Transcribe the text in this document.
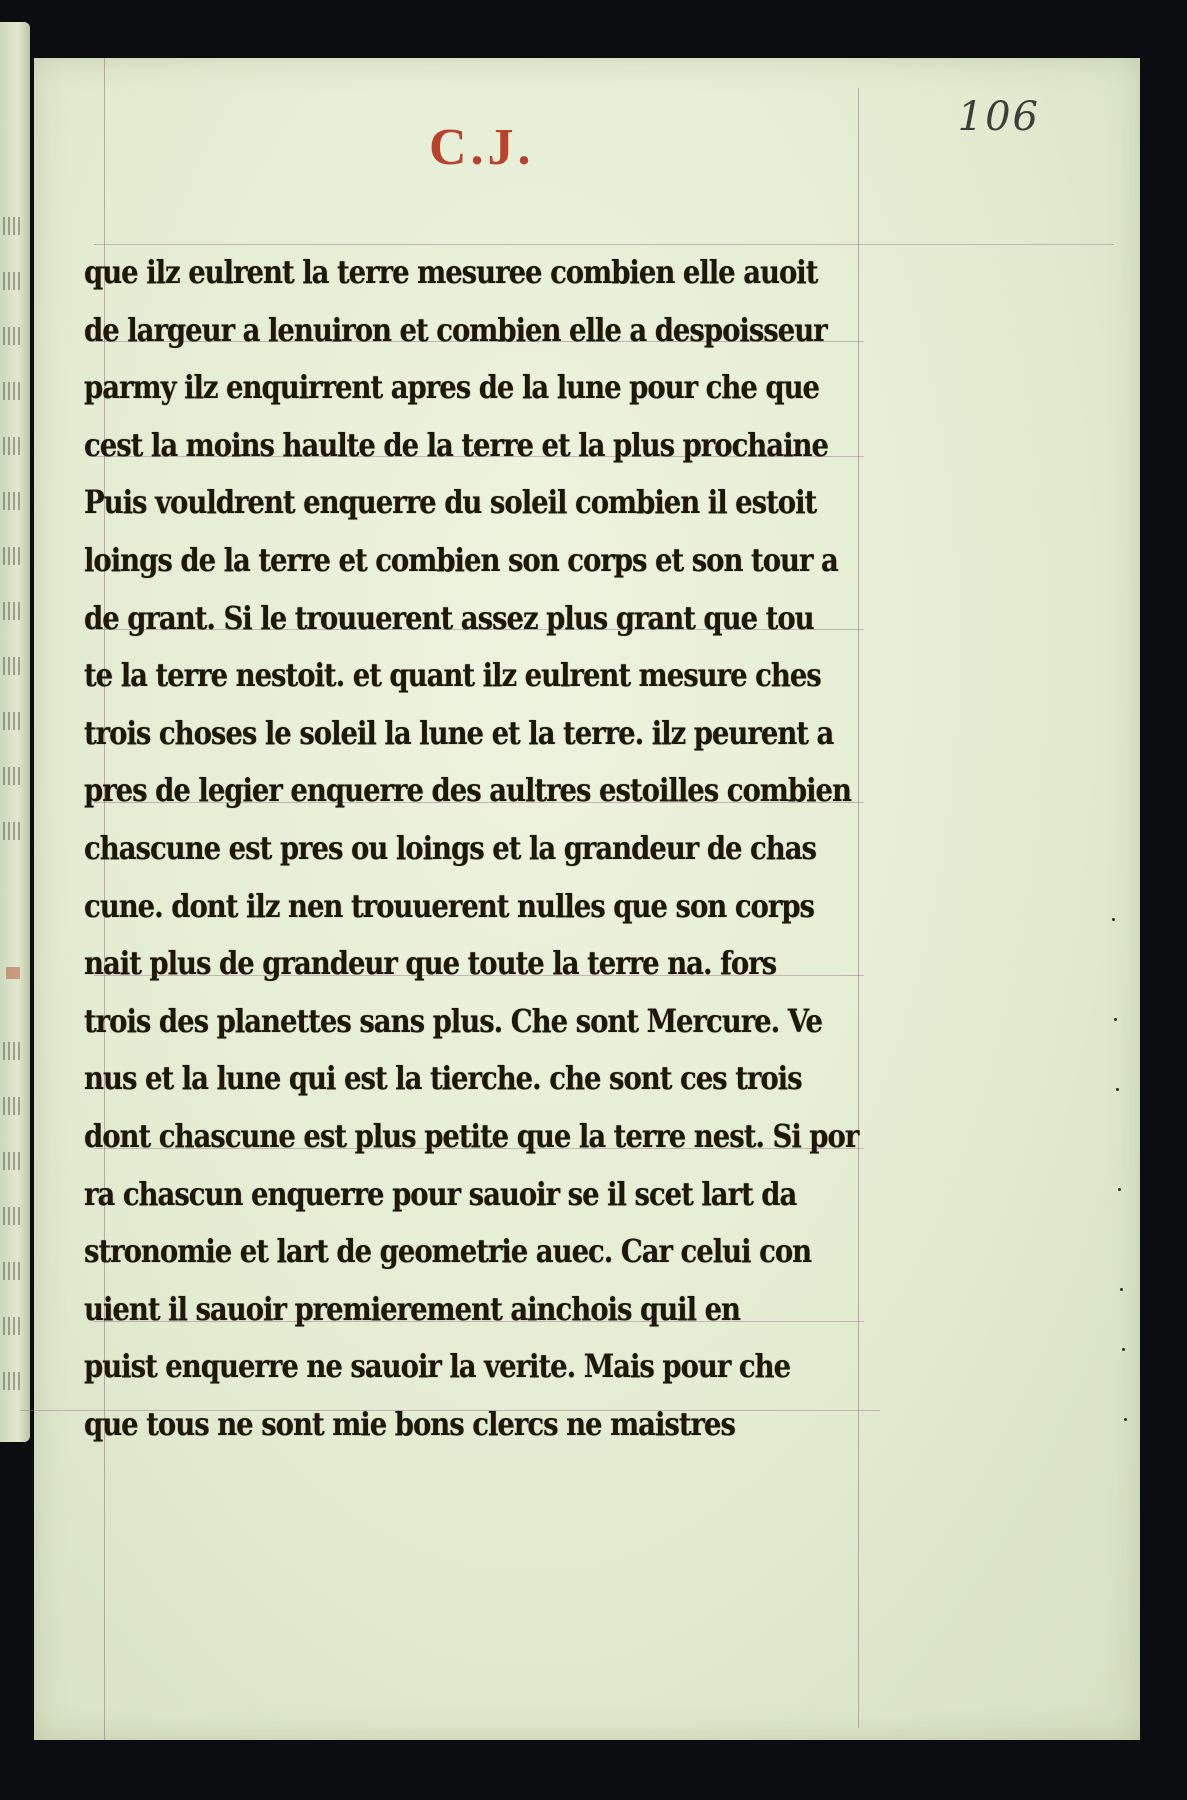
106
C.J.
que ilz eulrent la terre mesuree combien elle auoit
de largeur a lenuiron et combien elle a despoisseur
parmy ilz enquirrent apres de la lune pour che que
cest la moins haulte de la terre et la plus prochaine
Puis vouldrent enquerre du soleil combien il estoit
loings de la terre et combien son corps et son tour a
de grant. Si le trouuerent assez plus grant que tou
te la terre nestoit. et quant ilz eulrent mesure ches
trois choses le soleil la lune et la terre. ilz peurent a
pres de legier enquerre des aultres estoilles combien
chascune est pres ou loings et la grandeur de chas
cune. dont ilz nen trouuerent nulles que son corps
nait plus de grandeur que toute la terre na. fors
trois des planettes sans plus. Che sont Mercure. Ve
nus et la lune qui est la tierche. che sont ces trois
dont chascune est plus petite que la terre nest. Si por
ra chascun enquerre pour sauoir se il scet lart da
stronomie et lart de geometrie auec. Car celui con
uient il sauoir premierement ainchois quil en
puist enquerre ne sauoir la verite. Mais pour che
que tous ne sont mie bons clercs ne maistres
